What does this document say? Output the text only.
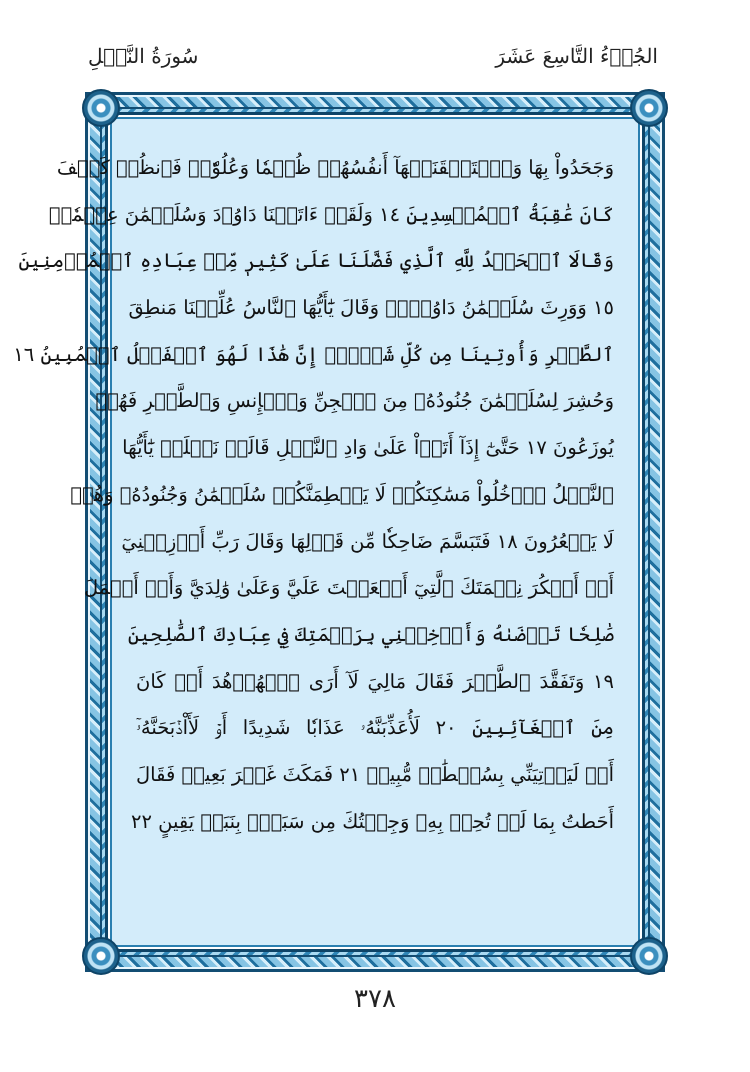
سُورَةُ النَّمۡلِ	الجُزۡءُ التَّاسِعَ عَشَرَ
وَجَحَدُواْ بِهَا وَٱسۡتَيۡقَنَتۡهَآ أَنفُسُهُمۡ ظُلۡمٗا وَعُلُوّٗاۚ فَٱنظُرۡ كَيۡفَ
كَانَ عَٰقِبَةُ ٱلۡمُفۡسِدِينَ ١٤ وَلَقَدۡ ءَاتَيۡنَا دَاوُۥدَ وَسُلَيۡمَٰنَ عِلۡمٗاۖ
وَقَالَا ٱلۡحَمۡدُ لِلَّهِ ٱلَّذِي فَضَّلَنَا عَلَىٰ كَثِيرٖ مِّنۡ عِبَادِهِ ٱلۡمُؤۡمِنِينَ
١٥ وَوَرِثَ سُلَيۡمَٰنُ دَاوُۥدَۖ وَقَالَ يَٰٓأَيُّهَا ٱلنَّاسُ عُلِّمۡنَا مَنطِقَ
ٱلطَّيۡرِ وَأُوتِينَا مِن كُلِّ شَيۡءٍۖ إِنَّ هَٰذَا لَهُوَ ٱلۡفَضۡلُ ٱلۡمُبِينُ ١٦
وَحُشِرَ لِسُلَيۡمَٰنَ جُنُودُهُۥ مِنَ ٱلۡجِنِّ وَٱلۡإِنسِ وَٱلطَّيۡرِ فَهُمۡ
يُوزَعُونَ ١٧ حَتَّىٰٓ إِذَآ أَتَوۡاْ عَلَىٰ وَادِ ٱلنَّمۡلِ قَالَتۡ نَمۡلَةٞ يَٰٓأَيُّهَا
ٱلنَّمۡلُ ٱدۡخُلُواْ مَسَٰكِنَكُمۡ لَا يَحۡطِمَنَّكُمۡ سُلَيۡمَٰنُ وَجُنُودُهُۥ وَهُمۡ
لَا يَشۡعُرُونَ ١٨ فَتَبَسَّمَ ضَاحِكٗا مِّن قَوۡلِهَا وَقَالَ رَبِّ أَوۡزِعۡنِيٓ
أَنۡ أَشۡكُرَ نِعۡمَتَكَ ٱلَّتِيٓ أَنۡعَمۡتَ عَلَيَّ وَعَلَىٰ وَٰلِدَيَّ وَأَنۡ أَعۡمَلَ
صَٰلِحٗا تَرۡضَىٰهُ وَأَدۡخِلۡنِي بِرَحۡمَتِكَ فِي عِبَادِكَ ٱلصَّٰلِحِينَ
١٩ وَتَفَقَّدَ ٱلطَّيۡرَ فَقَالَ مَالِيَ لَآ أَرَى ٱلۡهُدۡهُدَ أَمۡ كَانَ
مِنَ ٱلۡغَآئِبِينَ ٢٠ لَأُعَذِّبَنَّهُۥ عَذَابٗا شَدِيدًا أَوۡ لَأَاْذۡبَحَنَّهُۥٓ
أَوۡ لَيَأۡتِيَنِّي بِسُلۡطَٰنٖ مُّبِينٖ ٢١ فَمَكَثَ غَيۡرَ بَعِيدٖ فَقَالَ
أَحَطتُ بِمَا لَمۡ تُحِطۡ بِهِۦ وَجِئۡتُكَ مِن سَبَإِۭ بِنَبَإٖ يَقِينٍ ٢٢
٣٧٨
